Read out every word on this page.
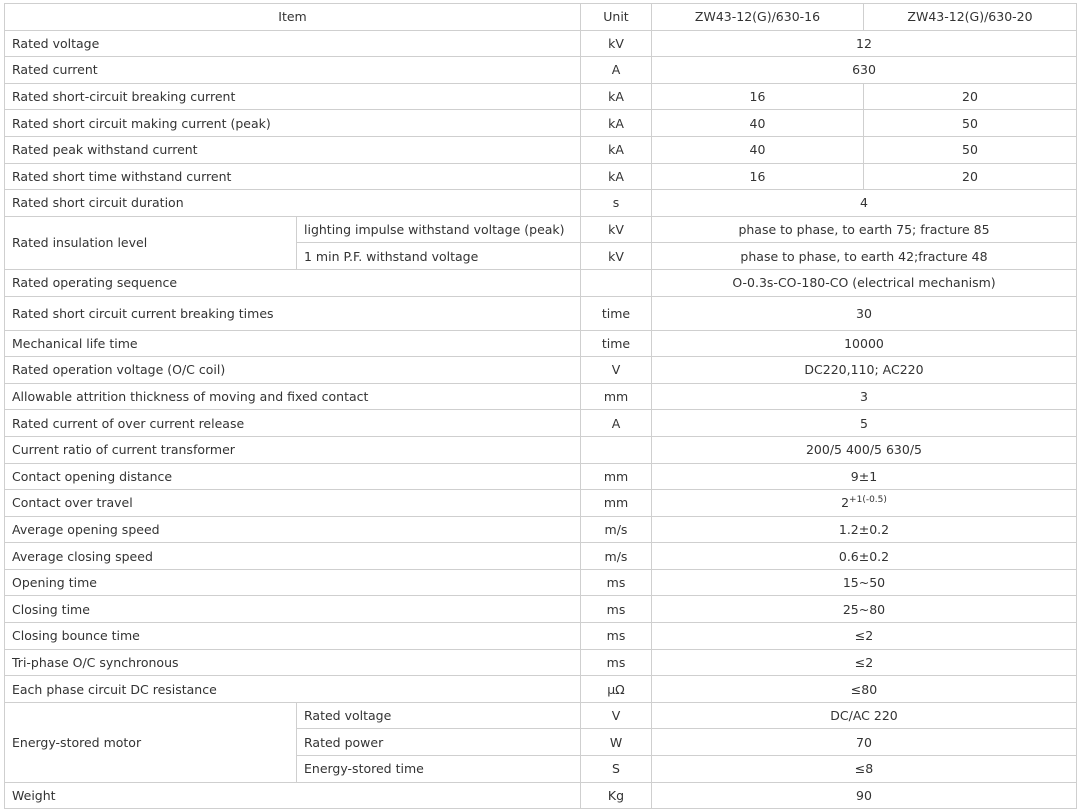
Item		Unit	ZW43-12(G)/630-16	ZW43-12(G)/630-20
Rated voltage		kV	12	
Rated current		A	630	
Rated short-circuit breaking current		kA	16	20
Rated short circuit making current (peak)		kA	40	50
Rated peak withstand current		kA	40	50
Rated short time withstand current		kA	16	20
Rated short circuit duration		s	4	
Rated insulation level	lighting impulse withstand voltage (peak)	kV	phase to phase, to earth 75; fracture 85	
	1 min P.F. withstand voltage	kV	phase to phase, to earth 42;fracture 48	
Rated operating sequence			O-0.3s-CO-180-CO (electrical mechanism)	
Rated short circuit current breaking times		time	30	
Mechanical life time		time	10000	
Rated operation voltage (O/C coil)		V	DC220,110; AC220	
Allowable attrition thickness of moving and fixed contact		mm	3	
Rated current of over current release		A	5	
Current ratio of current transformer			200/5 400/5 630/5	
Contact opening distance		mm	9±1	
Contact over travel		mm	$2^{+1(-0.5)}$
Average opening speed		m/s	1.2±0.2	
Average closing speed		m/s	0.6±0.2	
Opening time		ms	15~50	
Closing time		ms	25~80	
Closing bounce time		ms	≤2	
Tri-phase O/C synchronous		ms	≤2	
Each phase circuit DC resistance		μΩ	≤80	
Energy-stored motor	Rated voltage	V	DC/AC 220	
	Rated power	W	70	
	Energy-stored time	S	≤8	
Weight		Kg	90	
